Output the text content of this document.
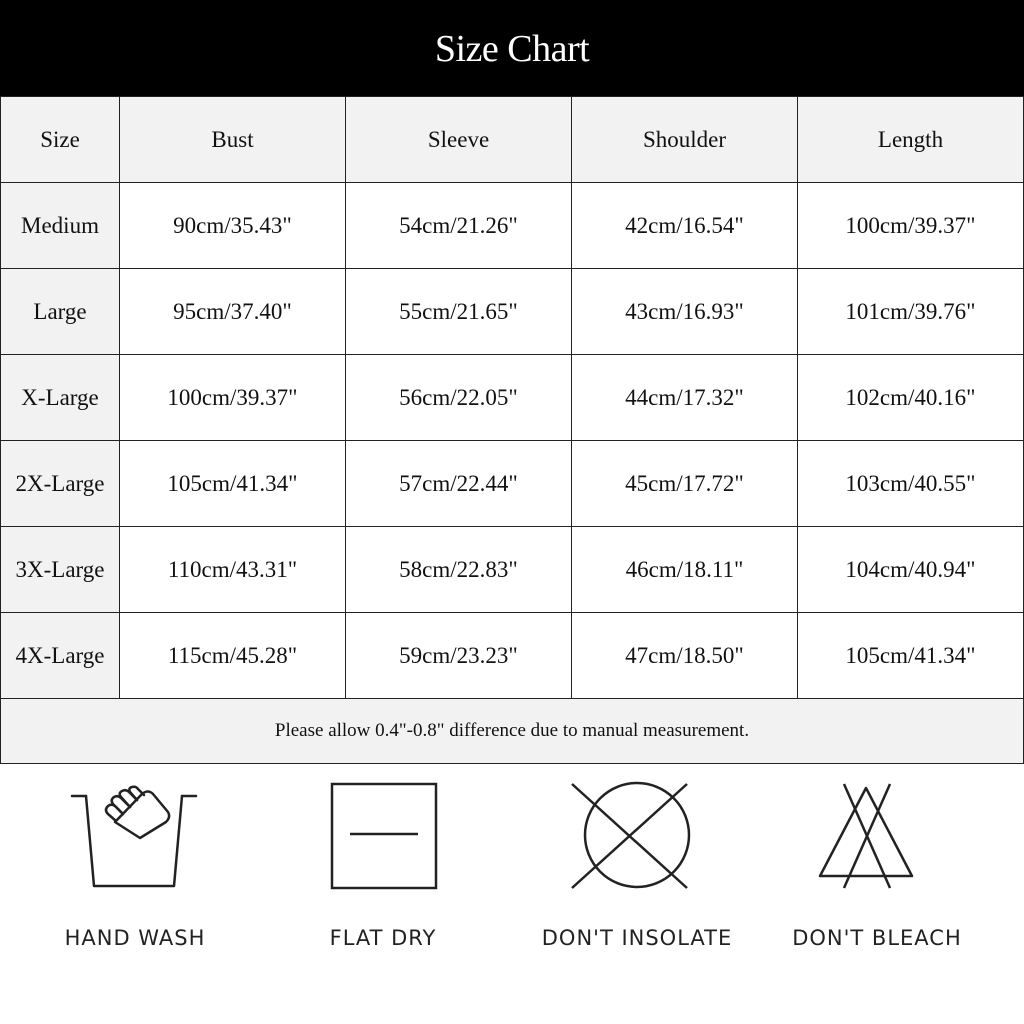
Size Chart
Size	Bust	Sleeve	Shoulder	Length
Medium	90cm/35.43"	54cm/21.26"	42cm/16.54"	100cm/39.37"
Large	95cm/37.40"	55cm/21.65"	43cm/16.93"	101cm/39.76"
X-Large	100cm/39.37"	56cm/22.05"	44cm/17.32"	102cm/40.16"
2X-Large	105cm/41.34"	57cm/22.44"	45cm/17.72"	103cm/40.55"
3X-Large	110cm/43.31"	58cm/22.83"	46cm/18.11"	104cm/40.94"
4X-Large	115cm/45.28"	59cm/23.23"	47cm/18.50"	105cm/41.34"
Please allow 0.4"-0.8" difference due to manual measurement.				
HAND WASH	FLAT DRY	DON'T INSOLATE	DON'T BLEACH
